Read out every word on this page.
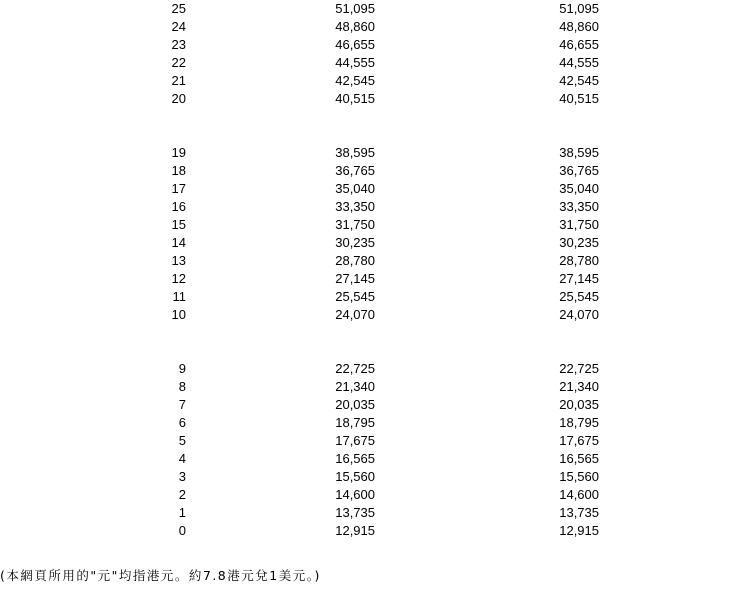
25	51,095	51,095
24	48,860	48,860
23	46,655	46,655
22	44,555	44,555
21	42,545	42,545
20	40,515	40,515
19	38,595	38,595
18	36,765	36,765
17	35,040	35,040
16	33,350	33,350
15	31,750	31,750
14	30,235	30,235
13	28,780	28,780
12	27,145	27,145
11	25,545	25,545
10	24,070	24,070
9	22,725	22,725
8	21,340	21,340
7	20,035	20,035
6	18,795	18,795
5	17,675	17,675
4	16,565	16,565
3	15,560	15,560
2	14,600	14,600
1	13,735	13,735
0	12,915	12,915
(本網頁所用的"元"均指港元。約7.8港元兌1美元。)
